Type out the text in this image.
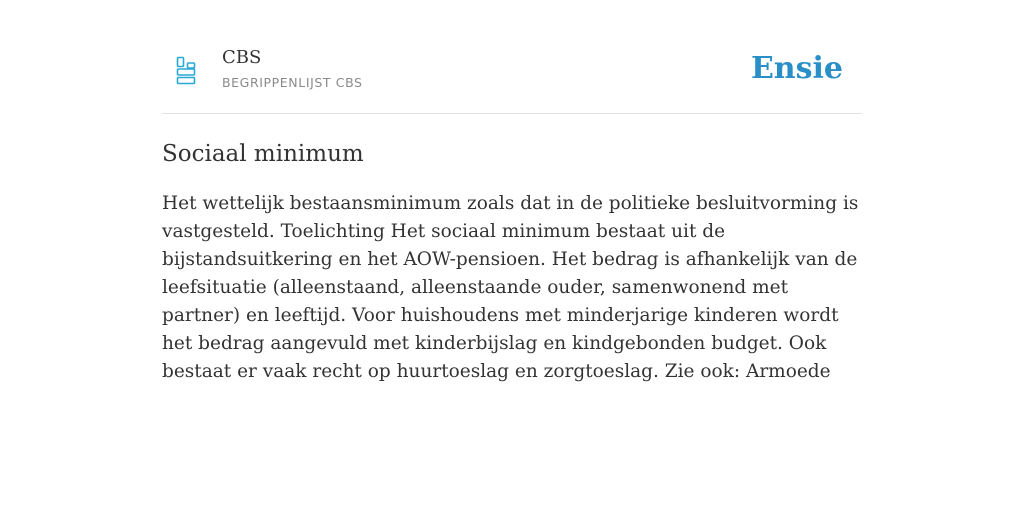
CBS
BEGRIPPENLIJST CBS	Ensie
Sociaal minimum

Het wettelijk bestaansminimum zoals dat in de politieke besluitvorming is vastgesteld. Toelichting Het sociaal minimum bestaat uit de bijstandsuitkering en het AOW-pensioen. Het bedrag is afhankelijk van de leefsituatie (alleenstaand, alleenstaande ouder, samenwonend met partner) en leeftijd. Voor huishoudens met minderjarige kinderen wordt het bedrag aangevuld met kinderbijslag en kindgebonden budget. Ook bestaat er vaak recht op huurtoeslag en zorgtoeslag. Zie ook: Armoede
